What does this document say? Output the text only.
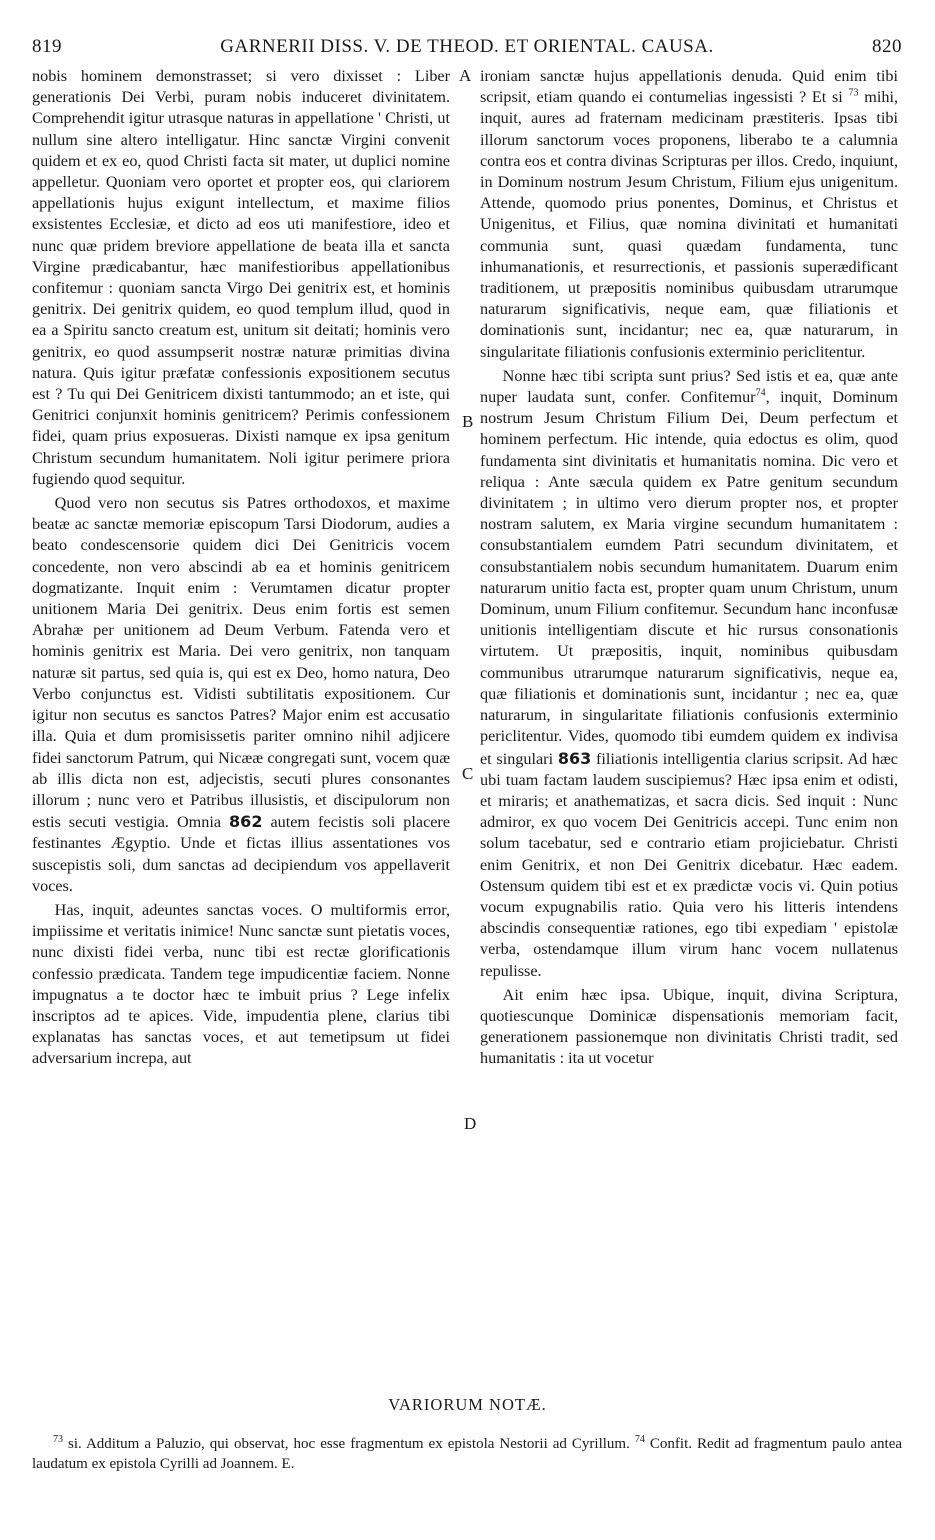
819	GARNERII DISS. V. DE THEOD. ET ORIENTAL. CAUSA.	820

nobis hominem demonstrasset; si vero dixisset : Liber generationis Dei Verbi, puram nobis induceret divinitatem. Comprehendit igitur utrasque naturas in appellatione ' Christi, ut nullum sine altero intelligatur. Hinc sanctæ Virgini convenit quidem et ex eo, quod Christi facta sit mater, ut duplici nomine appelletur. Quoniam vero oportet et propter eos, qui clariorem appellationis hujus exigunt intellectum, et maxime filios exsistentes Ecclesiæ, et dicto ad eos uti manifestiore, ideo et nunc quæ pridem breviore appellatione de beata illa et sancta Virgine prædicabantur, hæc manifestioribus appellationibus confitemur : quoniam sancta Virgo Dei genitrix est, et hominis genitrix. Dei genitrix quidem, eo quod templum illud, quod in ea a Spiritu sancto creatum est, unitum sit deitati; hominis vero genitrix, eo quod assumpserit nostræ naturæ primitias divina natura. Quis igitur præfatæ confessionis expositionem secutus est ? Tu qui Dei Genitricem dixisti tantummodo; an et iste, qui Genitrici conjunxit hominis genitricem? Perimis confessionem fidei, quam prius exposueras. Dixisti namque ex ipsa genitum Christum secundum humanitatem. Noli igitur perimere priora fugiendo quod sequitur.

Quod vero non secutus sis Patres orthodoxos, et maxime beatæ ac sanctæ memoriæ episcopum Tarsi Diodorum, audies a beato condescensorie quidem dici Dei Genitricis vocem concedente, non vero abscindi ab ea et hominis genitricem dogmatizante. Inquit enim : Verumtamen dicatur propter unitionem Maria Dei genitrix. Deus enim fortis est semen Abrahæ per unitionem ad Deum Verbum. Fatenda vero et hominis genitrix est Maria. Dei vero genitrix, non tanquam naturæ sit partus, sed quia is, qui est ex Deo, homo natura, Deo Verbo conjunctus est. Vidisti subtilitatis expositionem. Cur igitur non secutus es sanctos Patres? Major enim est accusatio illa. Quia et dum promisissetis pariter omnino nihil adjicere fidei sanctorum Patrum, qui Nicææ congregati sunt, vocem quæ ab illis dicta non est, adjecistis, secuti plures consonantes illorum ; nunc vero et Patribus illusistis, et discipulorum non estis secuti vestigia. Omnia 862 autem fecistis soli placere festinantes Ægyptio. Unde et fictas illius assentationes vos suscepistis soli, dum sanctas ad decipiendum vos appellaverit voces.

Has, inquit, adeuntes sanctas voces. O multiformis error, impiissime et veritatis inimice! Nunc sanctæ sunt pietatis voces, nunc dixisti fidei verba, nunc tibi est rectæ glorificationis confessio prædicata. Tandem tege impudicentiæ faciem. Nonne impugnatus a te doctor hæc te imbuit prius ? Lege infelix inscriptos ad te apices. Vide, impudentia plene, clarius tibi explanatas has sanctas voces, et aut temetipsum ut fidei adversarium increpa, aut

ironiam sanctæ hujus appellationis denuda. Quid enim tibi scripsit, etiam quando ei contumelias ingessisti ? Et si $^{73}$ mihi, inquit, aures ad fraternam medicinam præstiteris. Ipsas tibi illorum sanctorum voces proponens, liberabo te a calumnia contra eos et contra divinas Scripturas per illos. Credo, inquiunt, in Dominum nostrum Jesum Christum, Filium ejus unigenitum. Attende, quomodo prius ponentes, Dominus, et Christus et Unigenitus, et Filius, quæ nomina divinitati et humanitati communia sunt, quasi quædam fundamenta, tunc inhumanationis, et resurrectionis, et passionis superædificant traditionem, ut præpositis nominibus quibusdam utrarumque naturarum significativis, neque eam, quæ filiationis et dominationis sunt, incidantur; nec ea, quæ naturarum, in singularitate filiationis confusionis exterminio periclitentur.

Nonne hæc tibi scripta sunt prius? Sed istis et ea, quæ ante nuper laudata sunt, confer. Confitemur$^{74}$, inquit, Dominum nostrum Jesum Christum Filium Dei, Deum perfectum et hominem perfectum. Hic intende, quia edoctus es olim, quod fundamenta sint divinitatis et humanitatis nomina. Dic vero et reliqua : Ante sæcula quidem ex Patre genitum secundum divinitatem ; in ultimo vero dierum propter nos, et propter nostram salutem, ex Maria virgine secundum humanitatem : consubstantialem eumdem Patri secundum divinitatem, et consubstantialem nobis secundum humanitatem. Duarum enim naturarum unitio facta est, propter quam unum Christum, unum Dominum, unum Filium confitemur. Secundum hanc inconfusæ unitionis intelligentiam discute et hic rursus consonationis virtutem. Ut præpositis, inquit, nominibus quibusdam communibus utrarumque naturarum significativis, neque ea, quæ filiationis et dominationis sunt, incidantur ; nec ea, quæ naturarum, in singularitate filiationis confusionis exterminio periclitentur. Vides, quomodo tibi eumdem quidem ex indivisa et singulari 863 filiationis intelligentia clarius scripsit. Ad hæc ubi tuam factam laudem suscipiemus? Hæc ipsa enim et odisti, et miraris; et anathematizas, et sacra dicis. Sed inquit : Nunc admiror, ex quo vocem Dei Genitricis accepi. Tunc enim non solum tacebatur, sed e contrario etiam projiciebatur. Christi enim Genitrix, et non Dei Genitrix dicebatur. Hæc eadem. Ostensum quidem tibi est et ex prædictæ vocis vi. Quin potius vocum expugnabilis ratio. Quia vero his litteris intendens abscindis consequentiæ rationes, ego tibi expediam ' epistolæ verba, ostendamque illum virum hanc vocem nullatenus repulisse.

Ait enim hæc ipsa. Ubique, inquit, divina Scriptura, quotiescunque Dominicæ dispensationis memoriam facit, generationem passionemque non divinitatis Christi tradit, sed humanitatis : ita ut vocetur

A
B
C
D
VARIORUM NOTÆ.

$^{73}$ si. Additum a Paluzio, qui observat, hoc esse fragmentum ex epistola Nestorii ad Cyrillum. $^{74}$ Confit. Redit ad fragmentum paulo antea laudatum ex epistola Cyrilli ad Joannem. E.
